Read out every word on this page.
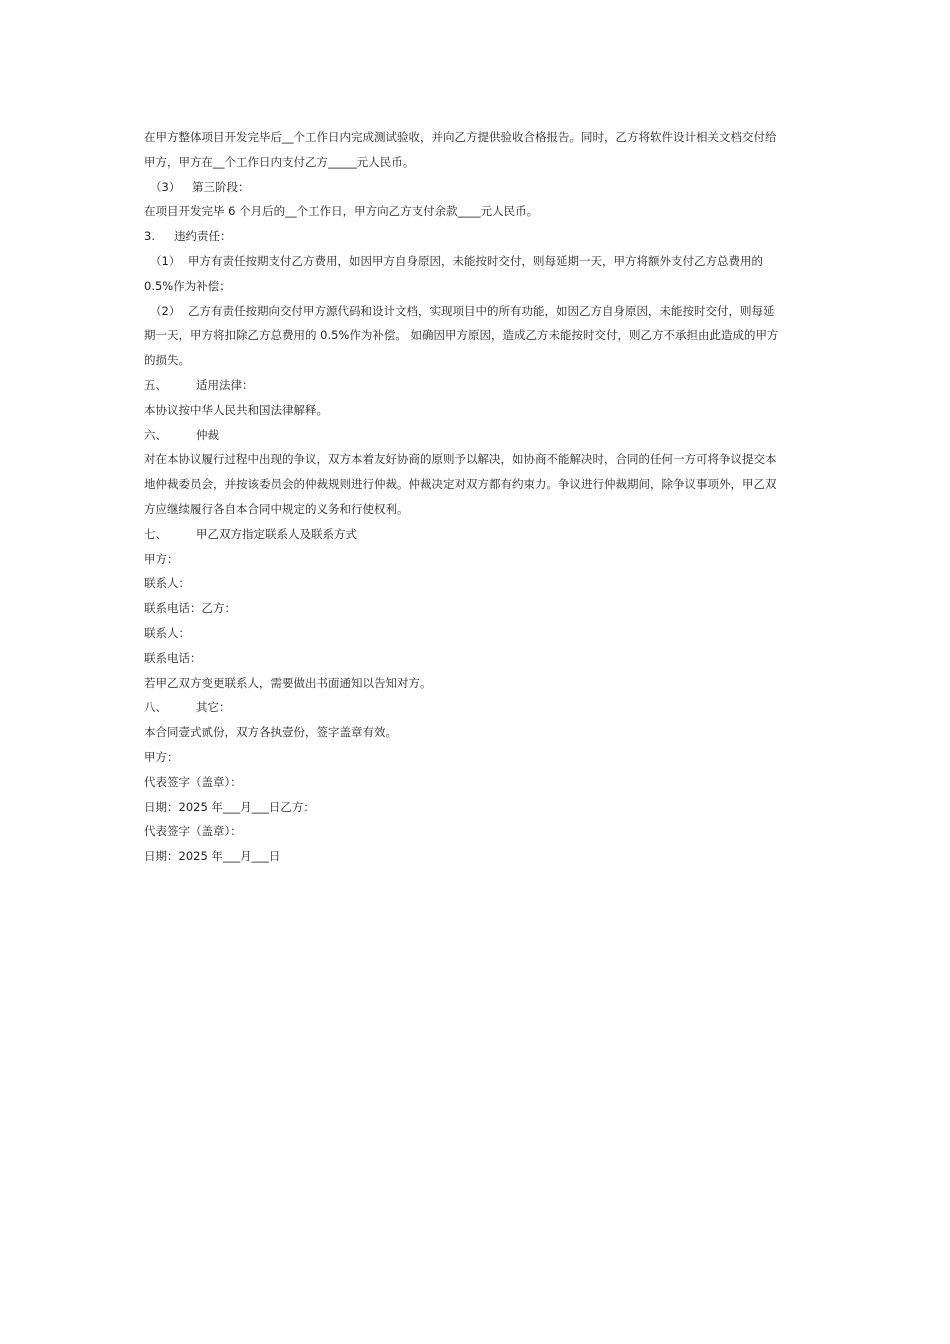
在甲方整体项目开发完毕后__个工作日内完成测试验收，并向乙方提供验收合格报告。同时，乙方将软件设计相关文档交付给
甲方，甲方在__个工作日内支付乙方_____元人民币。
（3） 第三阶段：
在项目开发完毕 6 个月后的__个工作日，甲方向乙方支付余款____元人民币。
3. 违约责任：
（1） 甲方有责任按期支付乙方费用，如因甲方自身原因，未能按时交付，则每延期一天，甲方将额外支付乙方总费用的
0.5%作为补偿；
（2） 乙方有责任按期向交付甲方源代码和设计文档，实现项目中的所有功能，如因乙方自身原因，未能按时交付，则每延
期一天，甲方将扣除乙方总费用的 0.5%作为补偿。 如确因甲方原因，造成乙方未能按时交付，则乙方不承担由此造成的甲方
的损失。
五、	适用法律：
本协议按中华人民共和国法律解释。
六、	仲裁
对在本协议履行过程中出现的争议，双方本着友好协商的原则予以解决，如协商不能解决时，合同的任何一方可将争议提交本
地仲裁委员会，并按该委员会的仲裁规则进行仲裁。仲裁决定对双方都有约束力。争议进行仲裁期间，除争议事项外，甲乙双
方应继续履行各自本合同中规定的义务和行使权利。
七、	甲乙双方指定联系人及联系方式
甲方：
联系人：
联系电话：乙方：
联系人：
联系电话：
若甲乙双方变更联系人，需要做出书面通知以告知对方。
八、	其它：
本合同壹式贰份，双方各执壹份，签字盖章有效。
甲方：
代表签字（盖章）：
日期：2025 年___月___日乙方：
代表签字（盖章）：
日期：2025 年___月___日
